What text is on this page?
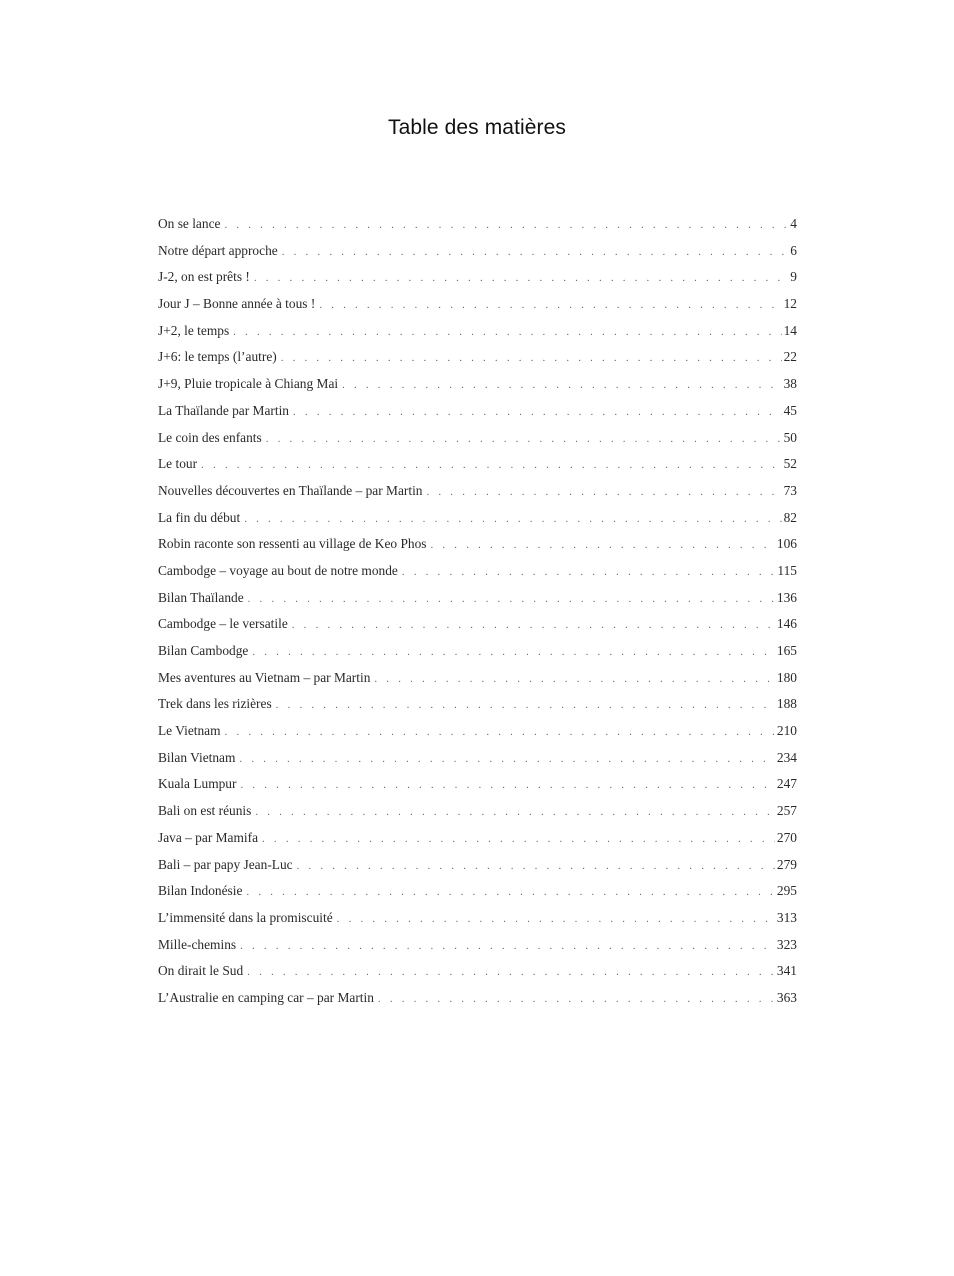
Table des matières
On se lance . . .	4
Notre départ approche . . .	6
J-2, on est prêts ! . . .	9
Jour J – Bonne année à tous ! . . .	12
J+2, le temps . . .	14
J+6: le temps (l’autre) . . .	22
J+9, Pluie tropicale à Chiang Mai . . .	38
La Thaïlande par Martin . . .	45
Le coin des enfants . . .	50
Le tour . . .	52
Nouvelles découvertes en Thaïlande – par Martin . . .	73
La fin du début . . .	82
Robin raconte son ressenti au village de Keo Phos . . .	106
Cambodge – voyage au bout de notre monde . . .	115
Bilan Thaïlande . . .	136
Cambodge – le versatile . . .	146
Bilan Cambodge . . .	165
Mes aventures au Vietnam – par Martin . . .	180
Trek dans les rizières . . .	188
Le Vietnam . . .	210
Bilan Vietnam . . .	234
Kuala Lumpur . . .	247
Bali on est réunis . . .	257
Java – par Mamifa . . .	270
Bali – par papy Jean-Luc . . .	279
Bilan Indonésie . . .	295
L’immensité dans la promiscuité . . .	313
Mille-chemins . . .	323
On dirait le Sud . . .	341
L’Australie en camping car – par Martin . . .	363
